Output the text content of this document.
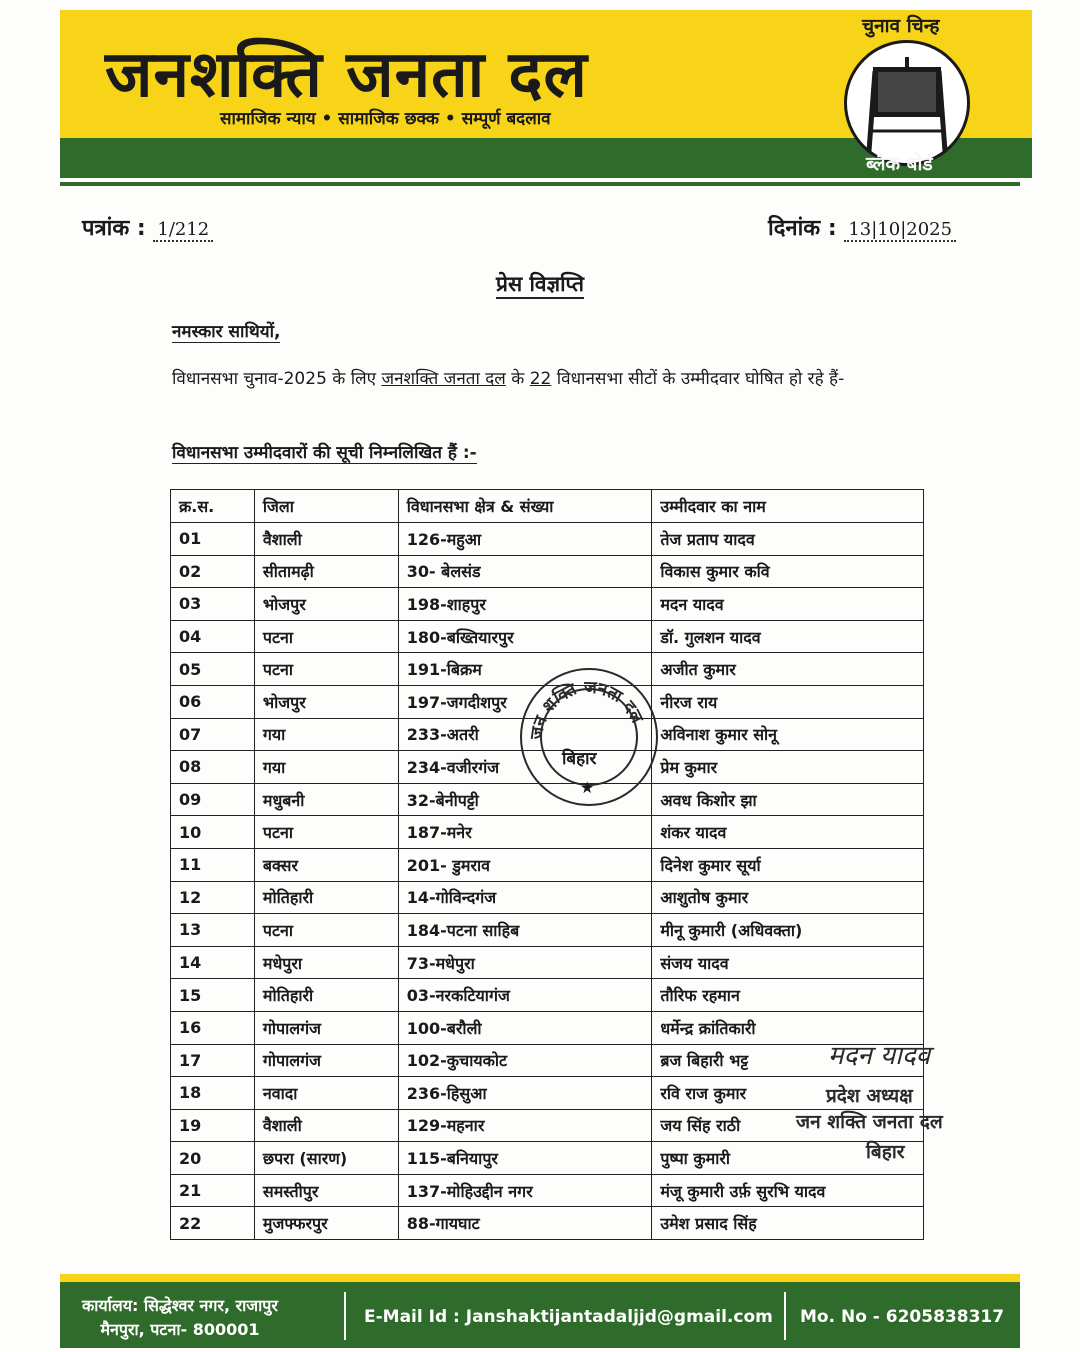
जनशक्ति जनता दल
सामाजिक न्याय • सामाजिक छक्क • सम्पूर्ण बदलाव
चुनाव चिन्ह
ब्लैक बोर्ड
पत्रांक : 1/212	दिनांक : 13|10|2025
प्रेस विज्ञप्ति
नमस्कार साथियों,
विधानसभा चुनाव-2025 के लिए जनशक्ति जनता दल के 22 विधानसभा सीटों के उम्मीदवार घोषित हो रहे हैं-
विधानसभा उम्मीदवारों की सूची निम्नलिखित हैं :-
क्र.स.	जिला	विधानसभा क्षेत्र & संख्या	उम्मीदवार का नाम
01	वैशाली	126-महुआ	तेज प्रताप यादव
02	सीतामढ़ी	30- बेलसंड	विकास कुमार कवि
03	भोजपुर	198-शाहपुर	मदन यादव
04	पटना	180-बख्तियारपुर	डॉ. गुलशन यादव
05	पटना	191-बिक्रम	अजीत कुमार
06	भोजपुर	197-जगदीशपुर	नीरज राय
07	गया	233-अतरी	अविनाश कुमार सोनू
08	गया	234-वजीरगंज	प्रेम कुमार
09	मधुबनी	32-बेनीपट्टी	अवध किशोर झा
10	पटना	187-मनेर	शंकर यादव
11	बक्सर	201- डुमराव	दिनेश कुमार सूर्या
12	मोतिहारी	14-गोविन्दगंज	आशुतोष कुमार
13	पटना	184-पटना साहिब	मीनू कुमारी (अधिवक्ता)
14	मधेपुरा	73-मधेपुरा	संजय यादव
15	मोतिहारी	03-नरकटियागंज	तौरिफ रहमान
16	गोपालगंज	100-बरौली	धर्मेन्द्र क्रांतिकारी
17	गोपालगंज	102-कुचायकोट	ब्रज बिहारी भट्ट
18	नवादा	236-हिसुआ	रवि राज कुमार
19	वैशाली	129-महनार	जय सिंह राठी
20	छपरा (सारण)	115-बनियापुर	पुष्पा कुमारी
21	समस्तीपुर	137-मोहिउद्दीन नगर	मंजू कुमारी उर्फ़ सुरभि यादव
22	मुजफ्फरपुर	88-गायघाट	उमेश प्रसाद सिंह
जन शक्ति जनता दल
बिहार
★
मदन यादव
प्रदेश अध्यक्ष
जन शक्ति जनता दल
बिहार
कार्यालय: सिद्धेश्वर नगर, राजापुर
मैनपुरा, पटना- 800001
E-Mail Id : Janshaktijantadaljjd@gmail.com Mo. No - 6205838317
